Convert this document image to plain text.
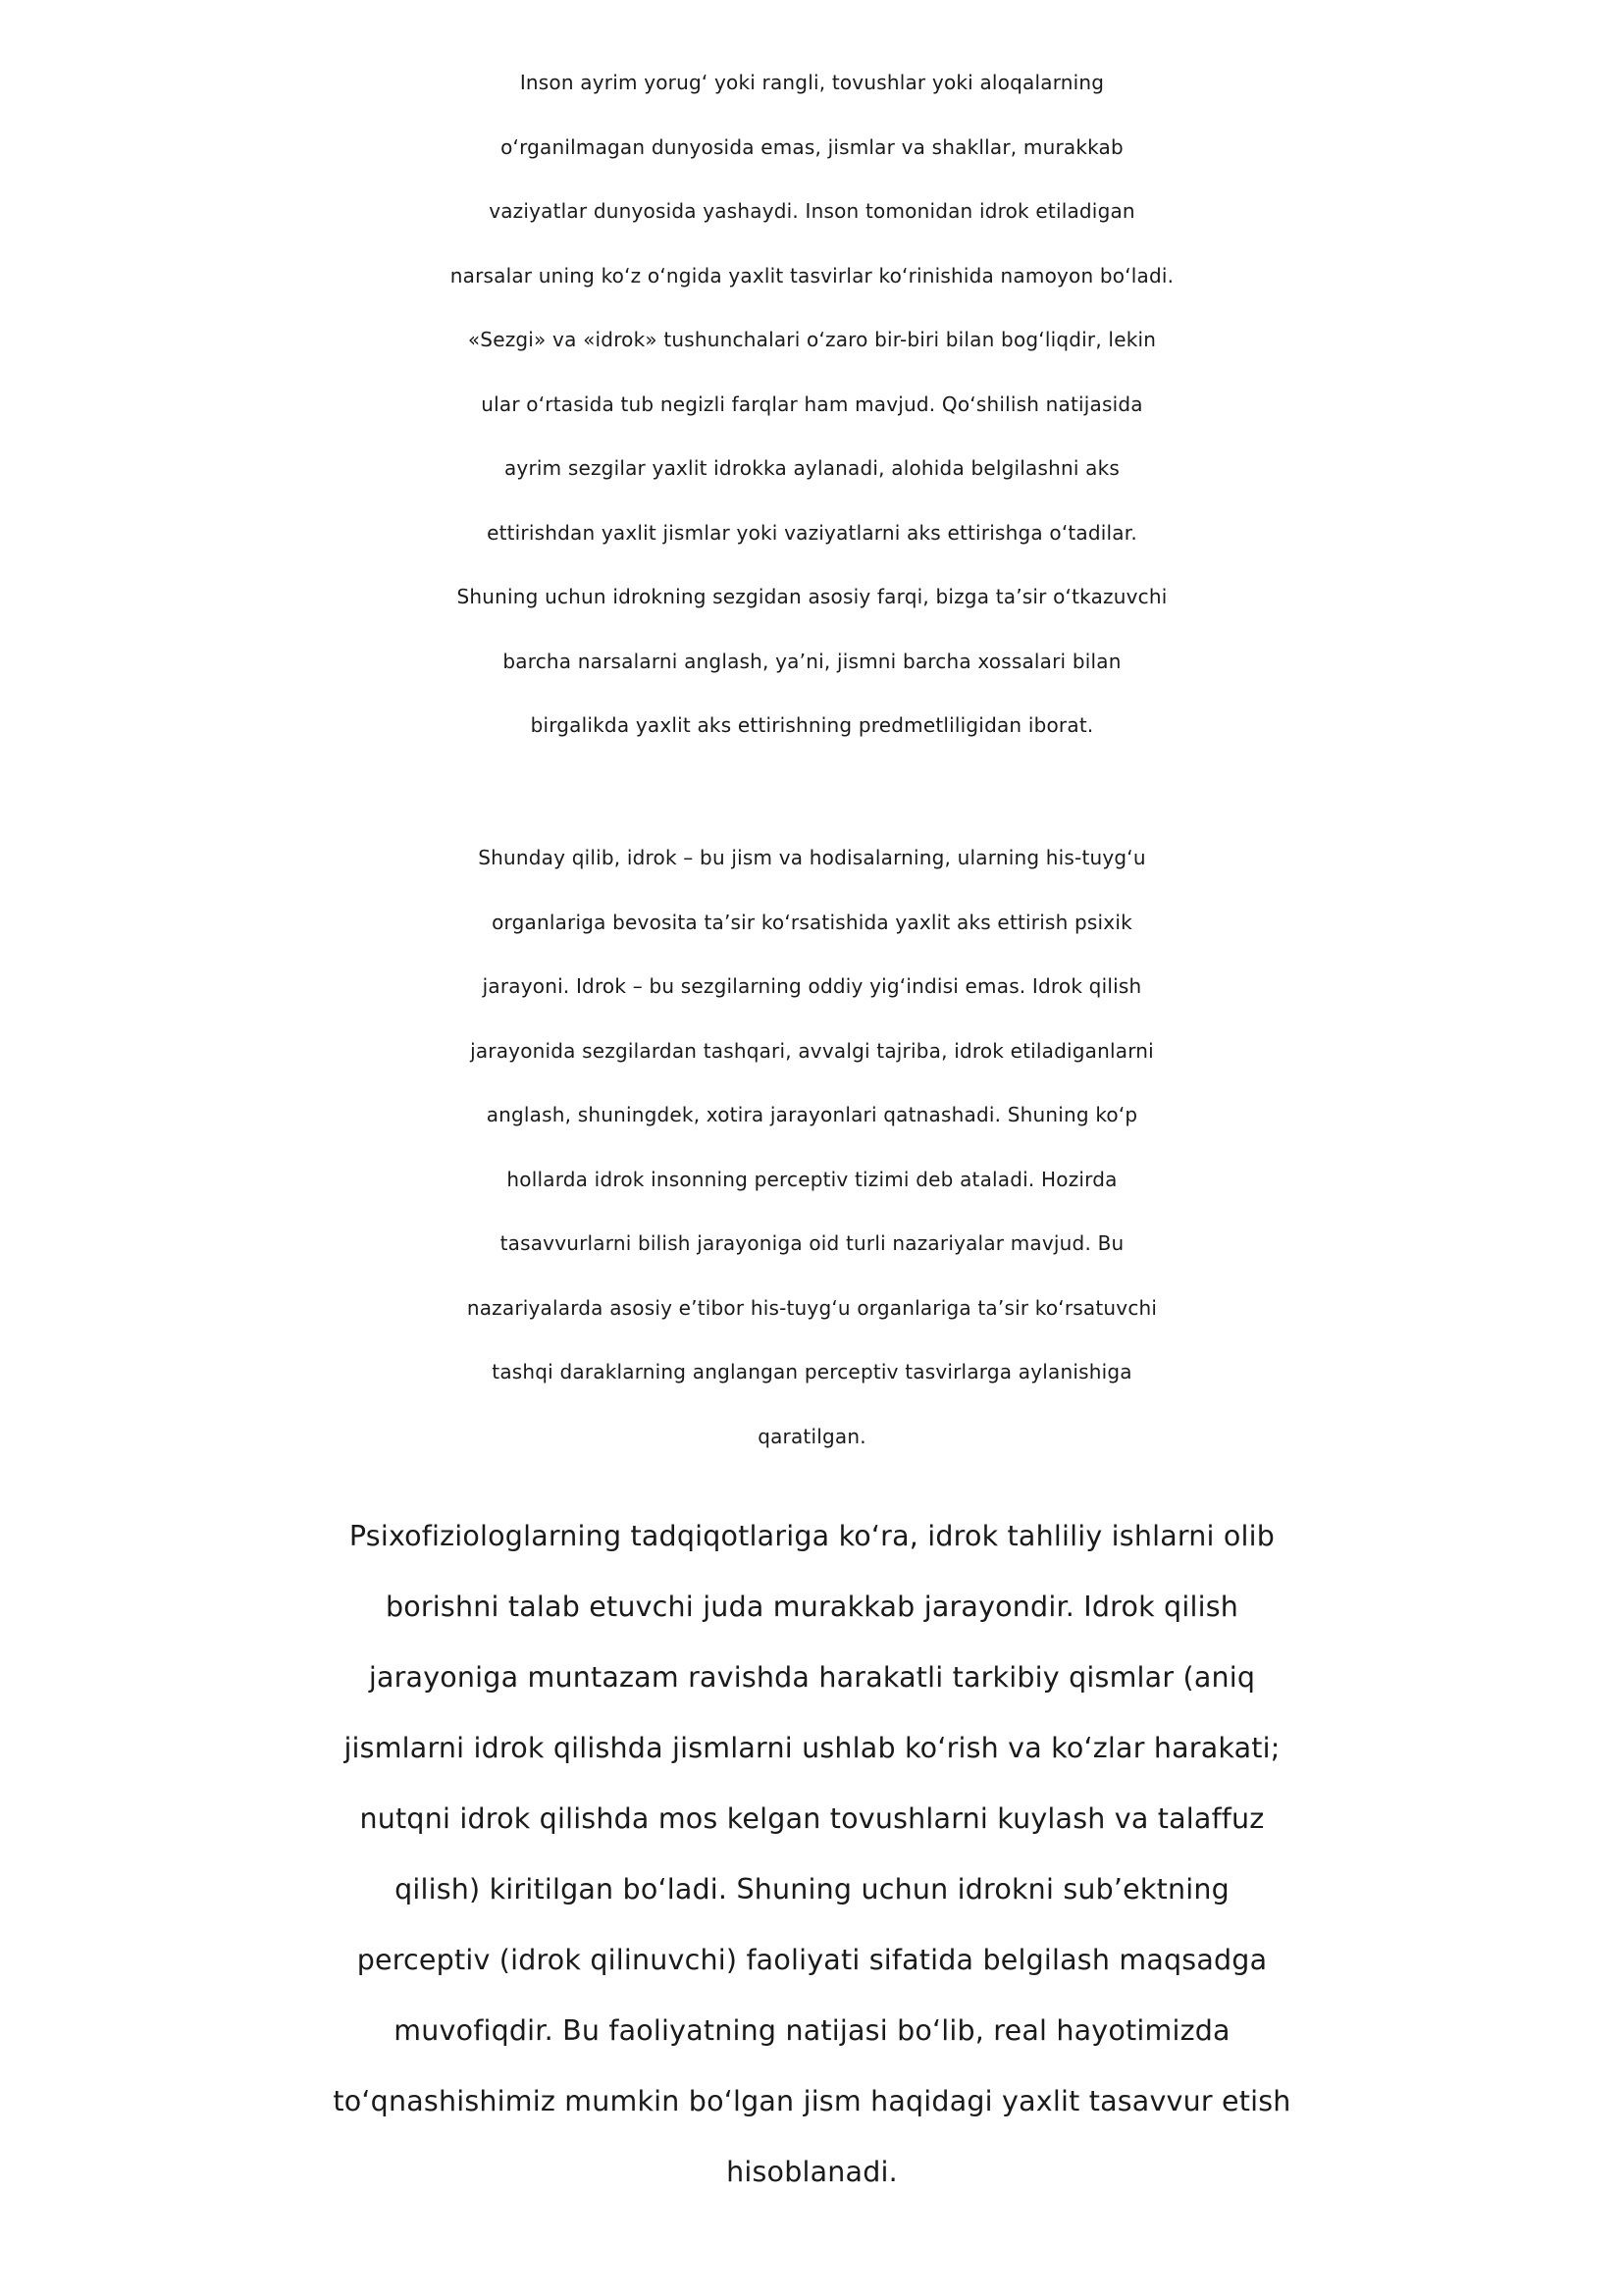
Inson ayrim yorug‘ yoki rangli, tovushlar yoki aloqalarning
o‘rganilmagan dunyosida emas, jismlar va shakllar, murakkab
vaziyatlar dunyosida yashaydi. Inson tomonidan idrok etiladigan
narsalar uning ko‘z o‘ngida yaxlit tasvirlar ko‘rinishida namoyon bo‘ladi.
«Sezgi» va «idrok» tushunchalari o‘zaro bir-biri bilan bog‘liqdir, lekin
ular o‘rtasida tub negizli farqlar ham mavjud. Qo‘shilish natijasida
ayrim sezgilar yaxlit idrokka aylanadi, alohida belgilashni aks
ettirishdan yaxlit jismlar yoki vaziyatlarni aks ettirishga o‘tadilar.
Shuning uchun idrokning sezgidan asosiy farqi, bizga ta’sir o‘tkazuvchi
barcha narsalarni anglash, ya’ni, jismni barcha xossalari bilan
birgalikda yaxlit aks ettirishning predmetliligidan iborat.

Shunday qilib, idrok – bu jism va hodisalarning, ularning his-tuyg‘u
organlariga bevosita ta’sir ko‘rsatishida yaxlit aks ettirish psixik
jarayoni. Idrok – bu sezgilarning oddiy yig‘indisi emas. Idrok qilish
jarayonida sezgilardan tashqari, avvalgi tajriba, idrok etiladiganlarni
anglash, shuningdek, xotira jarayonlari qatnashadi. Shuning ko‘p
hollarda idrok insonning perceptiv tizimi deb ataladi. Hozirda
tasavvurlarni bilish jarayoniga oid turli nazariyalar mavjud. Bu
nazariyalarda asosiy e’tibor his-tuyg‘u organlariga ta’sir ko‘rsatuvchi
tashqi daraklarning anglangan perceptiv tasvirlarga aylanishiga
qaratilgan.

Psixofiziologlarning tadqiqotlariga ko‘ra, idrok tahliliy ishlarni olib
borishni talab etuvchi juda murakkab jarayondir. Idrok qilish
jarayoniga muntazam ravishda harakatli tarkibiy qismlar (aniq
jismlarni idrok qilishda jismlarni ushlab ko‘rish va ko‘zlar harakati;
nutqni idrok qilishda mos kelgan tovushlarni kuylash va talaffuz
qilish) kiritilgan bo‘ladi. Shuning uchun idrokni sub’ektning
perceptiv (idrok qilinuvchi) faoliyati sifatida belgilash maqsadga
muvofiqdir. Bu faoliyatning natijasi bo‘lib, real hayotimizda
to‘qnashishimiz mumkin bo‘lgan jism haqidagi yaxlit tasavvur etish
hisoblanadi.
